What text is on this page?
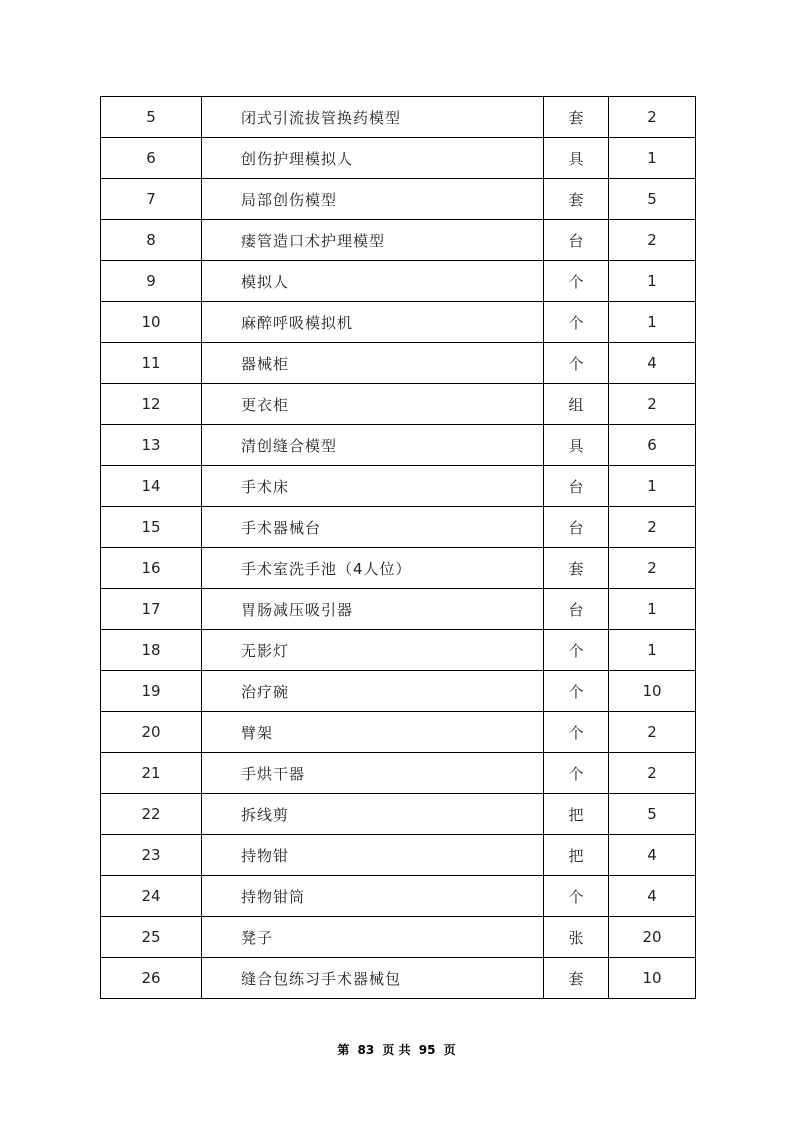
5	闭式引流拔管换药模型	套	2
6	创伤护理模拟人	具	1
7	局部创伤模型	套	5
8	瘘管造口术护理模型	台	2
9	模拟人	个	1
10	麻醉呼吸模拟机	个	1
11	器械柜	个	4
12	更衣柜	组	2
13	清创缝合模型	具	6
14	手术床	台	1
15	手术器械台	台	2
16	手术室洗手池（4人位）	套	2
17	胃肠减压吸引器	台	1
18	无影灯	个	1
19	治疗碗	个	10
20	臂架	个	2
21	手烘干器	个	2
22	拆线剪	把	5
23	持物钳	把	4
24	持物钳筒	个	4
25	凳子	张	20
26	缝合包练习手术器械包	套	10
第 83 页 共 95 页
